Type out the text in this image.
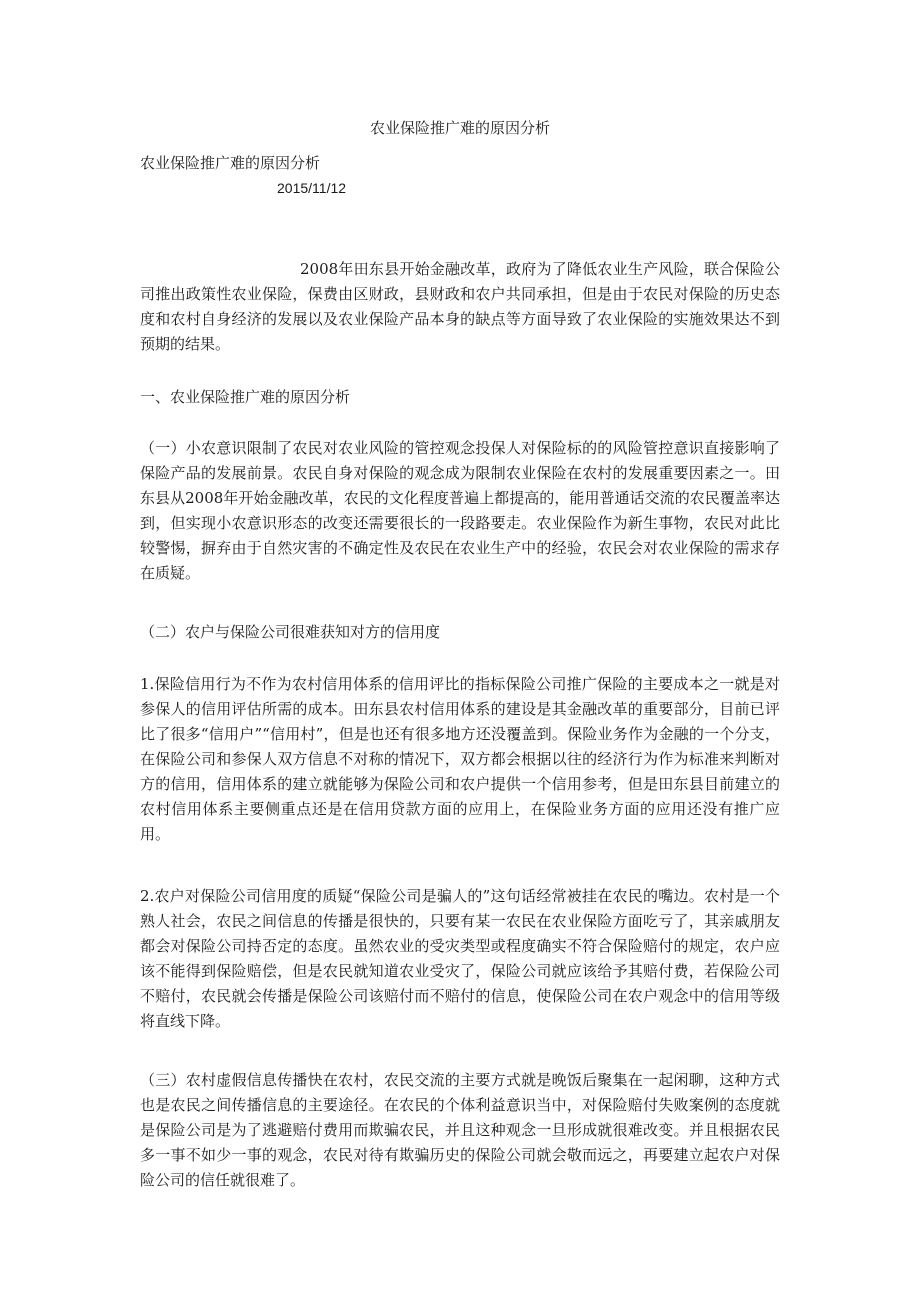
农业保险推广难的原因分析
农业保险推广难的原因分析
2015/11/12

2008年田东县开始金融改革，政府为了降低农业生产风险，联合保险公司推出政策性农业保险，保费由区财政，县财政和农户共同承担，但是由于农民对保险的历史态度和农村自身经济的发展以及农业保险产品本身的缺点等方面导致了农业保险的实施效果达不到预期的结果。

一、农业保险推广难的原因分析

（一）小农意识限制了农民对农业风险的管控观念投保人对保险标的的风险管控意识直接影响了保险产品的发展前景。农民自身对保险的观念成为限制农业保险在农村的发展重要因素之一。田东县从2008年开始金融改革，农民的文化程度普遍上都提高的，能用普通话交流的农民覆盖率达到，但实现小农意识形态的改变还需要很长的一段路要走。农业保险作为新生事物，农民对此比较警惕，摒弃由于自然灾害的不确定性及农民在农业生产中的经验，农民会对农业保险的需求存在质疑。

（二）农户与保险公司很难获知对方的信用度

1.保险信用行为不作为农村信用体系的信用评比的指标保险公司推广保险的主要成本之一就是对参保人的信用评估所需的成本。田东县农村信用体系的建设是其金融改革的重要部分，目前已评比了很多“信用户”“信用村”，但是也还有很多地方还没覆盖到。保险业务作为金融的一个分支，在保险公司和参保人双方信息不对称的情况下，双方都会根据以往的经济行为作为标准来判断对方的信用，信用体系的建立就能够为保险公司和农户提供一个信用参考，但是田东县目前建立的农村信用体系主要侧重点还是在信用贷款方面的应用上，在保险业务方面的应用还没有推广应用。

2.农户对保险公司信用度的质疑“保险公司是骗人的”这句话经常被挂在农民的嘴边。农村是一个熟人社会，农民之间信息的传播是很快的，只要有某一农民在农业保险方面吃亏了，其亲戚朋友都会对保险公司持否定的态度。虽然农业的受灾类型或程度确实不符合保险赔付的规定，农户应该不能得到保险赔偿，但是农民就知道农业受灾了，保险公司就应该给予其赔付费，若保险公司不赔付，农民就会传播是保险公司该赔付而不赔付的信息，使保险公司在农户观念中的信用等级将直线下降。

（三）农村虚假信息传播快在农村，农民交流的主要方式就是晚饭后聚集在一起闲聊，这种方式也是农民之间传播信息的主要途径。在农民的个体利益意识当中，对保险赔付失败案例的态度就是保险公司是为了逃避赔付费用而欺骗农民，并且这种观念一旦形成就很难改变。并且根据农民多一事不如少一事的观念，农民对待有欺骗历史的保险公司就会敬而远之，再要建立起农户对保险公司的信任就很难了。
